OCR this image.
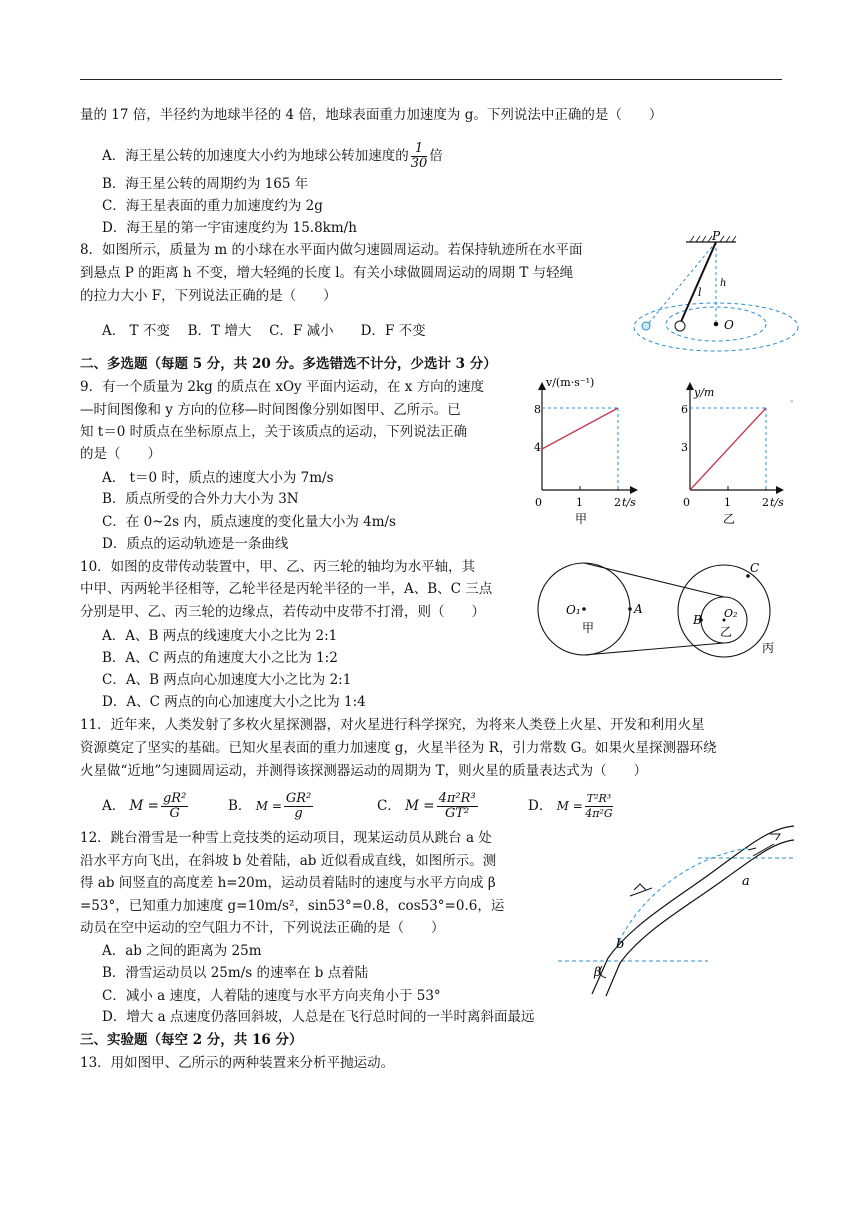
量的 17 倍，半径约为地球半径的 4 倍，地球表面重力加速度为 g。下列说法中正确的是（　　）
A．海王星公转的加速度大小约为地球公转加速度的 $\frac{1}{30}$ 倍
B．海王星公转的周期约为 165 年
C．海王星表面的重力加速度约为 2g
D．海王星的第一宇宙速度约为 15.8km/h
8．如图所示，质量为 m 的小球在水平面内做匀速圆周运动。若保持轨迹所在水平面
到悬点 P 的距离 h 不变，增大轻绳的长度 l。有关小球做圆周运动的周期 T 与轻绳
的拉力大小 F，下列说法正确的是（　　）
A． T 不变　 B．T 增大　 C．F 减小　　D．F 不变
P
l
h
O
二、多选题（每题 5 分，共 20 分。多选错选不计分，少选计 3 分）
9．有一个质量为 2kg 的质点在 xOy 平面内运动，在 x 方向的速度
—时间图像和 y 方向的位移—时间图像分别如图甲、乙所示。已
知 t＝0 时质点在坐标原点上，关于该质点的运动，下列说法正确
的是（　　）
A． t＝0 时，质点的速度大小为 7m/s
B．质点所受的合外力大小为 3N
C．在 0~2s 内，质点速度的变化量大小为 4m/s
D．质点的运动轨迹是一条曲线
v/(m·s⁻¹)
t/s
8
4
0	1	2
甲
y/m
t/s
6
3
0	1	2
乙
-
10．如图的皮带传动装置中，甲、乙、丙三轮的轴均为水平轴，其
中甲、丙两轮半径相等，乙轮半径是丙轮半径的一半，A、B、C 三点
分别是甲、乙、丙三轮的边缘点，若传动中皮带不打滑，则（　　）
A．A、B 两点的线速度大小之比为 2:1
B．A、C 两点的角速度大小之比为 1:2
C．A、B 两点向心加速度大小之比为 2:1
D．A、C 两点的向心加速度大小之比为 1:4
O₁	A
甲
C
B O₂
乙
丙
11．近年来，人类发射了多枚火星探测器，对火星进行科学探究，为将来人类登上火星、开发和利用火星
资源奠定了坚实的基础。已知火星表面的重力加速度 g，火星半径为 R，引力常数 G。如果火星探测器环绕
火星做“近地”匀速圆周运动，并测得该探测器运动的周期为 T，则火星的质量表达式为（　　）
A． $M = \frac{\text{gR²}}{G}$	B． $M = \frac{\text{GR²}}{g}$	C． $M = \frac{\text{4π²R³}}{\text{GT²}}$	D． $M = \frac{\text{T²R³}}{\text{4π²G}}$
12．跳台滑雪是一种雪上竞技类的运动项目，现某运动员从跳台 a 处
沿水平方向飞出，在斜坡 b 处着陆，ab 近似看成直线，如图所示。测
得 ab 间竖直的高度差 h=20m，运动员着陆时的速度与水平方向成 β
=53°，已知重力加速度 g=10m/s²，sin53°=0.8，cos53°=0.6，运
动员在空中运动的空气阻力不计，下列说法正确的是（　　）
A．ab 之间的距离为 25m
B．滑雪运动员以 25m/s 的速率在 b 点着陆
C．减小 a 速度，人着陆的速度与水平方向夹角小于 53°
D．增大 a 点速度仍落回斜坡，人总是在飞行总时间的一半时离斜面最远
a
b
β
三、实验题（每空 2 分，共 16 分）
13．用如图甲、乙所示的两种装置来分析平抛运动。
